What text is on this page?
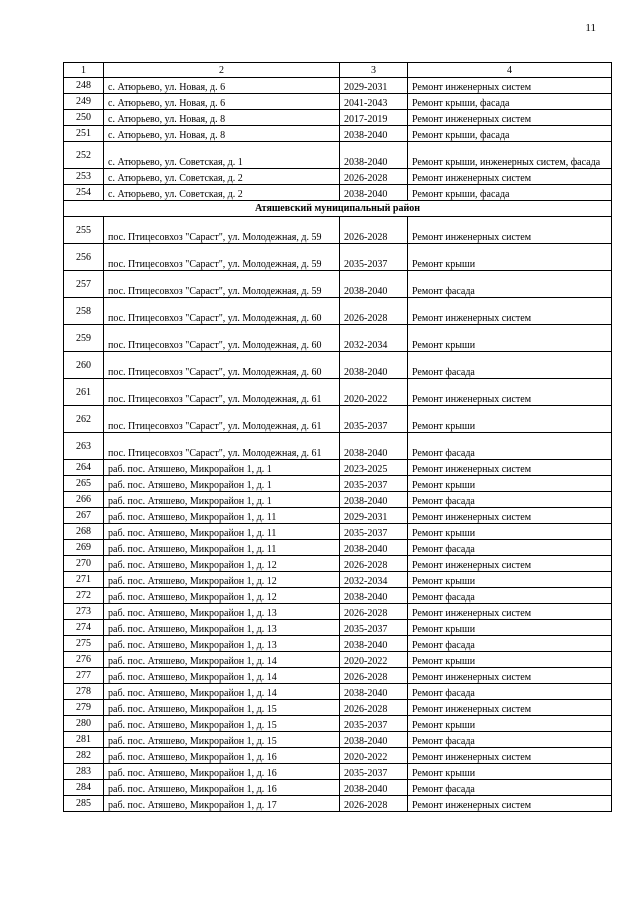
11
1	2	3	4
248	с. Атюрьево, ул. Новая, д. 6	2029-2031	Ремонт инженерных систем
249	с. Атюрьево, ул. Новая, д. 6	2041-2043	Ремонт крыши, фасада
250	с. Атюрьево, ул. Новая, д. 8	2017-2019	Ремонт инженерных систем
251	с. Атюрьево, ул. Новая, д. 8	2038-2040	Ремонт крыши, фасада
252	с. Атюрьево, ул. Советская, д. 1	2038-2040	Ремонт крыши, инженерных систем, фасада
253	с. Атюрьево, ул. Советская, д. 2	2026-2028	Ремонт инженерных систем
254	с. Атюрьево, ул. Советская, д. 2	2038-2040	Ремонт крыши, фасада
Атяшевский муниципальный район			
255	пос. Птицесовхоз "Сараст", ул. Молодежная, д. 59	2026-2028	Ремонт инженерных систем
256	пос. Птицесовхоз "Сараст", ул. Молодежная, д. 59	2035-2037	Ремонт крыши
257	пос. Птицесовхоз "Сараст", ул. Молодежная, д. 59	2038-2040	Ремонт фасада
258	пос. Птицесовхоз "Сараст", ул. Молодежная, д. 60	2026-2028	Ремонт инженерных систем
259	пос. Птицесовхоз "Сараст", ул. Молодежная, д. 60	2032-2034	Ремонт крыши
260	пос. Птицесовхоз "Сараст", ул. Молодежная, д. 60	2038-2040	Ремонт фасада
261	пос. Птицесовхоз "Сараст", ул. Молодежная, д. 61	2020-2022	Ремонт инженерных систем
262	пос. Птицесовхоз "Сараст", ул. Молодежная, д. 61	2035-2037	Ремонт крыши
263	пос. Птицесовхоз "Сараст", ул. Молодежная, д. 61	2038-2040	Ремонт фасада
264	раб. пос. Атяшево, Микрорайон 1, д. 1	2023-2025	Ремонт инженерных систем
265	раб. пос. Атяшево, Микрорайон 1, д. 1	2035-2037	Ремонт крыши
266	раб. пос. Атяшево, Микрорайон 1, д. 1	2038-2040	Ремонт фасада
267	раб. пос. Атяшево, Микрорайон 1, д. 11	2029-2031	Ремонт инженерных систем
268	раб. пос. Атяшево, Микрорайон 1, д. 11	2035-2037	Ремонт крыши
269	раб. пос. Атяшево, Микрорайон 1, д. 11	2038-2040	Ремонт фасада
270	раб. пос. Атяшево, Микрорайон 1, д. 12	2026-2028	Ремонт инженерных систем
271	раб. пос. Атяшево, Микрорайон 1, д. 12	2032-2034	Ремонт крыши
272	раб. пос. Атяшево, Микрорайон 1, д. 12	2038-2040	Ремонт фасада
273	раб. пос. Атяшево, Микрорайон 1, д. 13	2026-2028	Ремонт инженерных систем
274	раб. пос. Атяшево, Микрорайон 1, д. 13	2035-2037	Ремонт крыши
275	раб. пос. Атяшево, Микрорайон 1, д. 13	2038-2040	Ремонт фасада
276	раб. пос. Атяшево, Микрорайон 1, д. 14	2020-2022	Ремонт крыши
277	раб. пос. Атяшево, Микрорайон 1, д. 14	2026-2028	Ремонт инженерных систем
278	раб. пос. Атяшево, Микрорайон 1, д. 14	2038-2040	Ремонт фасада
279	раб. пос. Атяшево, Микрорайон 1, д. 15	2026-2028	Ремонт инженерных систем
280	раб. пос. Атяшево, Микрорайон 1, д. 15	2035-2037	Ремонт крыши
281	раб. пос. Атяшево, Микрорайон 1, д. 15	2038-2040	Ремонт фасада
282	раб. пос. Атяшево, Микрорайон 1, д. 16	2020-2022	Ремонт инженерных систем
283	раб. пос. Атяшево, Микрорайон 1, д. 16	2035-2037	Ремонт крыши
284	раб. пос. Атяшево, Микрорайон 1, д. 16	2038-2040	Ремонт фасада
285	раб. пос. Атяшево, Микрорайон 1, д. 17	2026-2028	Ремонт инженерных систем
